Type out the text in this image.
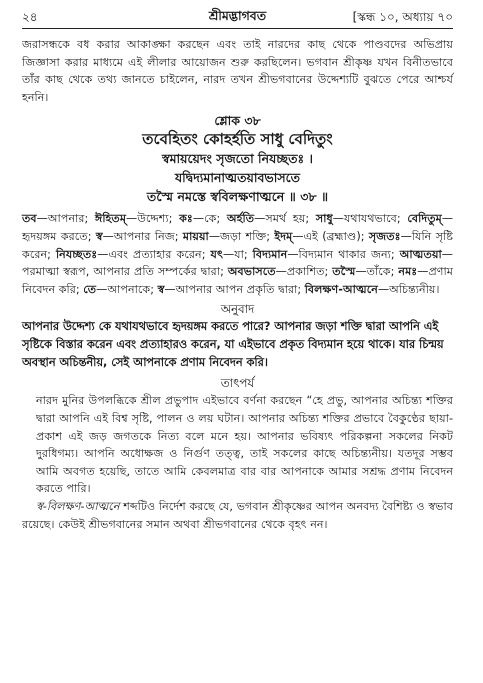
২৪	শ্রীমদ্ভাগবত	[স্কন্ধ ১০, অধ্যায় ৭০

জরাসন্ধকে বধ করার আকাঙ্ক্ষা করছেন এবং তাই নারদের কাছ থেকে পাণ্ডবদের অভিপ্রায় জিজ্ঞাসা করার মাধ্যমে এই লীলার আয়োজন শুরু করছিলেন। ভগবান শ্রীকৃষ্ণ যখন বিনীতভাবে তাঁর কাছ থেকে তথ্য জানতে চাইলেন, নারদ তখন শ্রীভগবানের উদ্দেশ্যটি বুঝতে পেরে আশ্চর্য হননি।

শ্লোক ৩৮
তবেহিতং কোহর্হতি সাধু বেদিতুং
স্বমায়য়েদং সৃজতো নিযচ্ছতঃ ।
যদ্বিদ্যমানাত্মতয়াবভাসতে
তস্মৈ নমস্তে স্ববিলক্ষণাত্মনে ॥ ৩৮ ॥

তব—আপনার; ঈহিতম্—উদ্দেশ্য; কঃ—কে; অর্হতি—সমর্থ হয়; সাধু—যথাযথভাবে; বেদিতুম্—হৃদয়ঙ্গম করতে; স্ব—আপনার নিজ; মায়য়া—জড়া শক্তি; ইদম্—এই (ব্রহ্মাণ্ড); সৃজতঃ—যিনি সৃষ্টি করেন; নিযচ্ছতঃ—এবং প্রত্যাহার করেন; যৎ—যা; বিদ্যমান—বিদ্যমান থাকার জন্য; আত্মতয়া—পরমাত্মা স্বরূপ, আপনার প্রতি সম্পর্কের দ্বারা; অবভাসতে—প্রকাশিত; তস্মৈ—তাঁকে; নমঃ—প্রণাম নিবেদন করি; তে—আপনাকে; স্ব—আপনার আপন প্রকৃতি দ্বারা; বিলক্ষণ-আত্মনে—অচিন্ত্যনীয়।

অনুবাদ

আপনার উদ্দেশ্য কে যথাযথভাবে হৃদয়ঙ্গম করতে পারে? আপনার জড়া শক্তি দ্বারা আপনি এই সৃষ্টিকে বিস্তার করেন এবং প্রত্যাহারও করেন, যা এইভাবে প্রকৃত বিদ্যমান হয়ে থাকে। যার চিন্ময় অবস্থান অচিন্তনীয়, সেই আপনাকে প্রণাম নিবেদন করি।

তাৎপর্য

নারদ মুনির উপলব্ধিকে শ্রীল প্রভুপাদ এইভাবে বর্ণনা করছেন “হে প্রভু, আপনার অচিন্ত্য শক্তির দ্বারা আপনি এই বিশ্ব সৃষ্টি, পালন ও লয় ঘটান। আপনার অচিন্ত্য শক্তির প্রভাবে বৈকুণ্ঠের ছায়া-প্রকাশ এই জড় জগতকে নিত্য বলে মনে হয়। আপনার ভবিষ্যৎ পরিকল্পনা সকলের নিকট দুরধিগম্য। আপনি অধোক্ষজ ও নির্গুণ তত্ত্ব, তাই সকলের কাছে অচিন্ত্যনীয়। যতদূর সম্ভব আমি অবগত হয়েছি, তাতে আমি কেবলমাত্র বার বার আপনাকে আমার সশ্রদ্ধ প্রণাম নিবেদন করতে পারি।

স্ব-বিলক্ষণ-আত্মনে শব্দটিও নির্দেশ করছে যে, ভগবান শ্রীকৃষ্ণের আপন অনবদ্য বৈশিষ্ট্য ও স্বভাব রয়েছে। কেউই শ্রীভগবানের সমান অথবা শ্রীভগবানের থেকে বৃহৎ নন।
